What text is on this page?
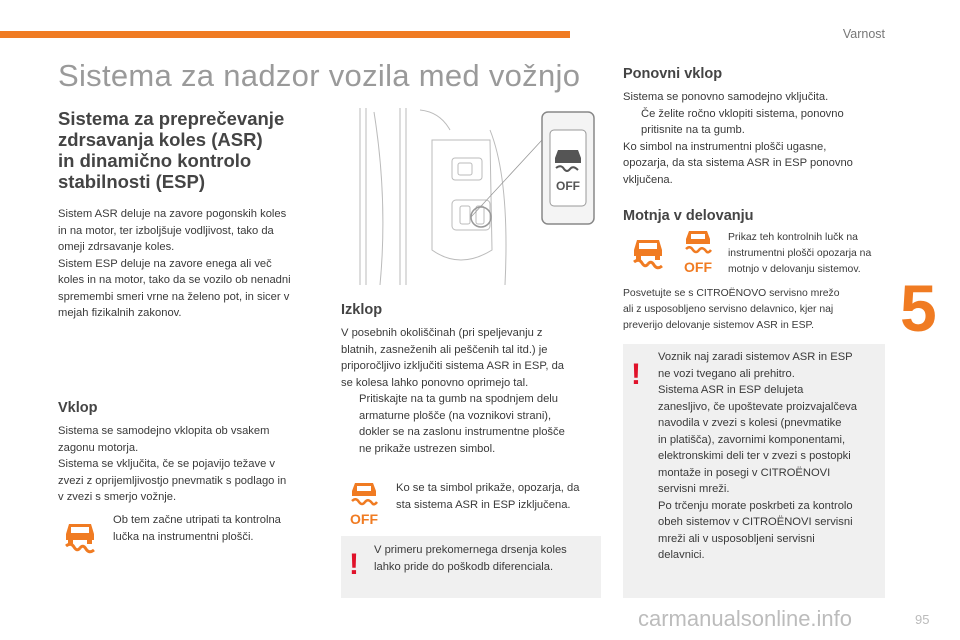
Varnost
5
Sistema za nadzor vozila med vožnjo
Sistema za preprečevanje
zdrsavanja koles (ASR)
in dinamično kontrolo
stabilnosti (ESP)
Sistem ASR deluje na zavore pogonskih koles
in na motor, ter izboljšuje vodljivost, tako da
omeji zdrsavanje koles.
Sistem ESP deluje na zavore enega ali več
koles in na motor, tako da se vozilo ob nenadni
spremembi smeri vrne na želeno pot, in sicer v
mejah fizikalnih zakonov.
Vklop
Sistema se samodejno vklopita ob vsakem
zagonu motorja.
Sistema se vključita, če se pojavijo težave v
zvezi z oprijemljivostjo pnevmatik s podlago in
v zvezi s smerjo vožnje.
Ob tem začne utripati ta kontrolna
lučka na instrumentni plošči.
OFF
Izklop
V posebnih okoliščinah (pri speljevanju z
blatnih, zasneženih ali peščenih tal itd.) je
priporočljivo izključiti sistema ASR in ESP, da
se kolesa lahko ponovno oprimejo tal.
Pritiskajte na ta gumb na spodnjem delu
armaturne plošče (na voznikovi strani),
dokler se na zaslonu instrumentne plošče
ne prikaže ustrezen simbol.
OFF
Ko se ta simbol prikaže, opozarja, da
sta sistema ASR in ESP izklјučena.
! V primeru prekomernega drsenja koles
lahko pride do poškodb diferenciala.
Ponovni vklop
Sistema se ponovno samodejno vključita.
Če želite ročno vklopiti sistema, ponovno
pritisnite na ta gumb.
Ko simbol na instrumentni plošči ugasne,
opozarja, da sta sistema ASR in ESP ponovno
vključena.
Motnja v delovanju
OFF
Prikaz teh kontrolnih lučk na
instrumentni plošči opozarja na
motnjo v delovanju sistemov.
Posvetujte se s CITROËNOVO servisno mrežo
ali z usposobljeno servisno delavnico, kjer naj
preverijo delovanje sistemov ASR in ESP.
!
Voznik naj zaradi sistemov ASR in ESP
ne vozi tvegano ali prehitro.
Sistema ASR in ESP delujeta
zanesljivo, če upoštevate proizvajalčeva
navodila v zvezi s kolesi (pnevmatike
in platišča), zavornimi komponentami,
elektronskimi deli ter v zvezi s postopki
montaže in posegi v CITROËNOVI
servisni mreži.
Po trčenju morate poskrbeti za kontrolo
obeh sistemov v CITROËNOVI servisni
mreži ali v usposobljeni servisni
delavnici.
95
carmanualsonline.info
